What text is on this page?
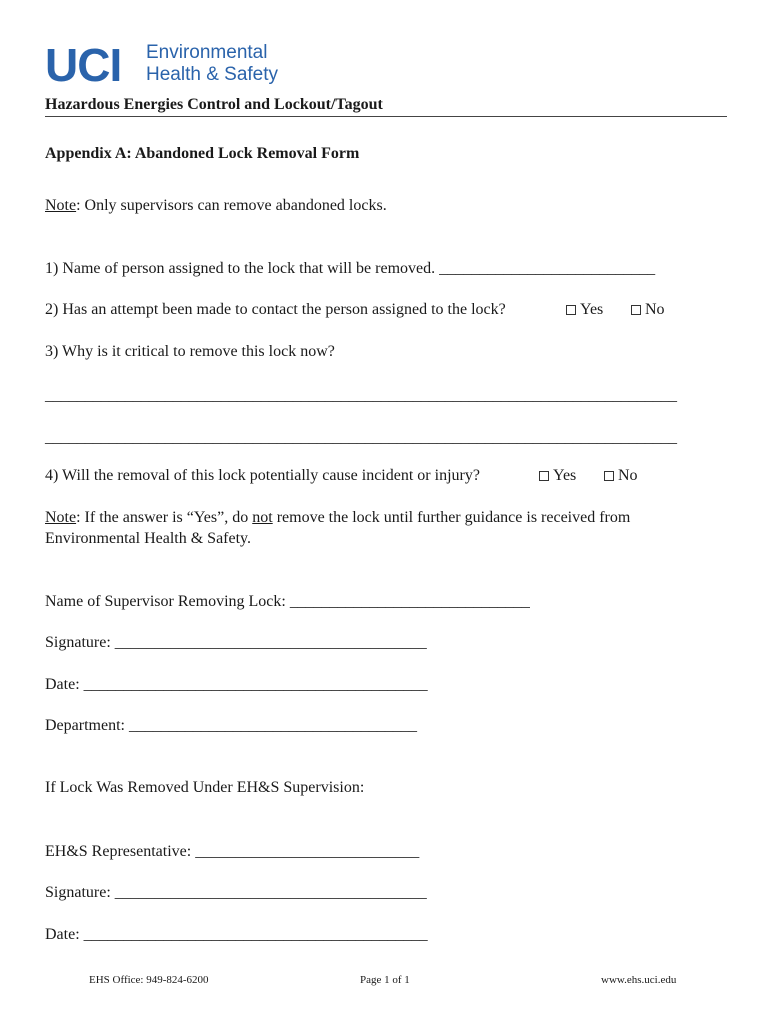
UCI Environmental
Health & Safety
Hazardous Energies Control and Lockout/Tagout
Appendix A: Abandoned Lock Removal Form
Note: Only supervisors can remove abandoned locks.
1) Name of person assigned to the lock that will be removed. ___________________________
2) Has an attempt been made to contact the person assigned to the lock?	Yes	No
3) Why is it critical to remove this lock now?
_______________________________________________________________________________
_______________________________________________________________________________
4) Will the removal of this lock potentially cause incident or injury?	Yes	No
Note: If the answer is “Yes”, do not remove the lock until further guidance is received from
Environmental Health & Safety.
Name of Supervisor Removing Lock: ______________________________
Signature: _______________________________________
Date: ___________________________________________
Department: ____________________________________
If Lock Was Removed Under EH&S Supervision:
EH&S Representative: ____________________________
Signature: _______________________________________
Date: ___________________________________________
EHS Office: 949-824-6200	Page 1 of 1	www.ehs.uci.edu
